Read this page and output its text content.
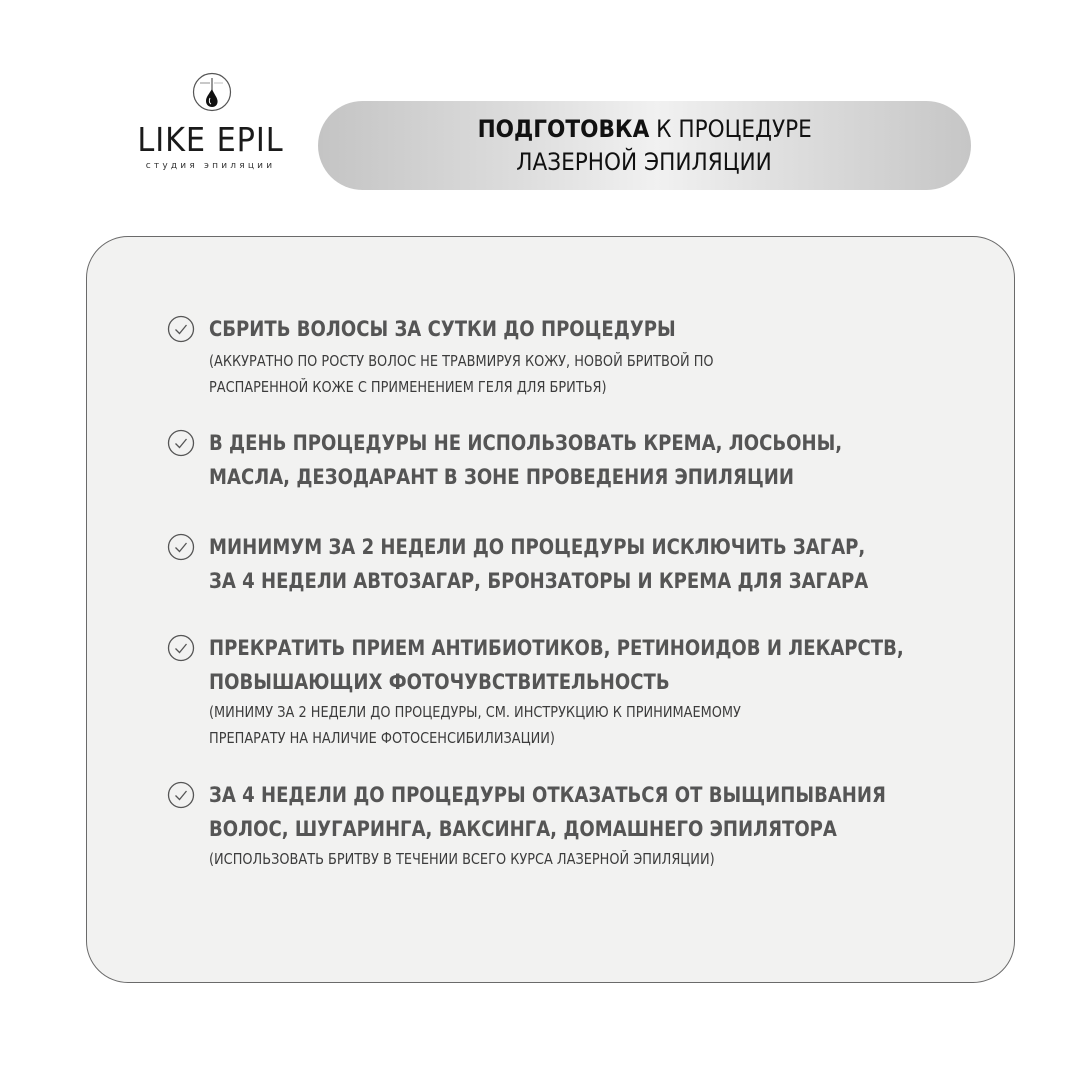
LIKE EPIL
студия эпиляции
ПОДГОТОВКА К ПРОЦЕДУРЕ
ЛАЗЕРНОЙ ЭПИЛЯЦИИ
СБРИТЬ ВОЛОСЫ ЗА СУТКИ ДО ПРОЦЕДУРЫ
(АККУРАТНО ПО РОСТУ ВОЛОС НЕ ТРАВМИРУЯ КОЖУ, НОВОЙ БРИТВОЙ ПО
РАСПАРЕННОЙ КОЖЕ С ПРИМЕНЕНИЕМ ГЕЛЯ ДЛЯ БРИТЬЯ)
В ДЕНЬ ПРОЦЕДУРЫ НЕ ИСПОЛЬЗОВАТЬ КРЕМА, ЛОСЬОНЫ,
МАСЛА, ДЕЗОДАРАНТ В ЗОНЕ ПРОВЕДЕНИЯ ЭПИЛЯЦИИ
МИНИМУМ ЗА 2 НЕДЕЛИ ДО ПРОЦЕДУРЫ ИСКЛЮЧИТЬ ЗАГАР,
ЗА 4 НЕДЕЛИ АВТОЗАГАР, БРОНЗАТОРЫ И КРЕМА ДЛЯ ЗАГАРА
ПРЕКРАТИТЬ ПРИЕМ АНТИБИОТИКОВ, РЕТИНОИДОВ И ЛЕКАРСТВ,
ПОВЫШАЮЩИХ ФОТОЧУВСТВИТЕЛЬНОСТЬ
(МИНИМУ ЗА 2 НЕДЕЛИ ДО ПРОЦЕДУРЫ, СМ. ИНСТРУКЦИЮ К ПРИНИМАЕМОМУ
ПРЕПАРАТУ НА НАЛИЧИЕ ФОТОСЕНСИБИЛИЗАЦИИ)
ЗА 4 НЕДЕЛИ ДО ПРОЦЕДУРЫ ОТКАЗАТЬСЯ ОТ ВЫЩИПЫВАНИЯ
ВОЛОС, ШУГАРИНГА, ВАКСИНГА, ДОМАШНЕГО ЭПИЛЯТОРА
(ИСПОЛЬЗОВАТЬ БРИТВУ В ТЕЧЕНИИ ВСЕГО КУРСА ЛАЗЕРНОЙ ЭПИЛЯЦИИ)
